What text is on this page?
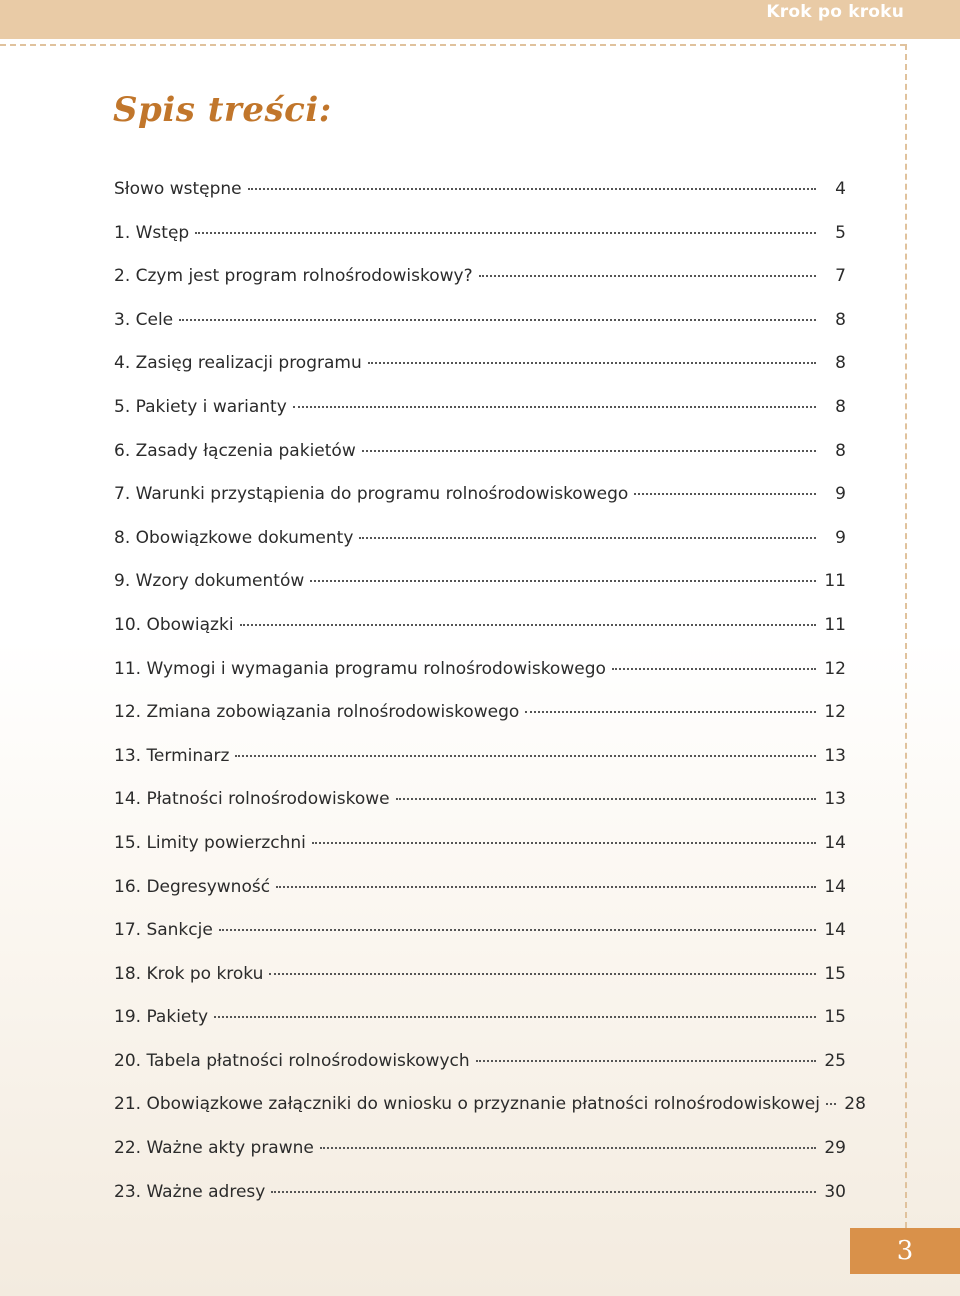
Krok po kroku
Spis treści:
Słowo wstępne	4
1. Wstęp	5
2. Czym jest program rolnośrodowiskowy?	7
3. Cele	8
4. Zasięg realizacji programu	8
5. Pakiety i warianty	8
6. Zasady łączenia pakietów	8
7. Warunki przystąpienia do programu rolnośrodowiskowego	9
8. Obowiązkowe dokumenty	9
9. Wzory dokumentów	11
10. Obowiązki	11
11. Wymogi i wymagania programu rolnośrodowiskowego	12
12. Zmiana zobowiązania rolnośrodowiskowego	12
13. Terminarz	13
14. Płatności rolnośrodowiskowe	13
15. Limity powierzchni	14
16. Degresywność	14
17. Sankcje	14
18. Krok po kroku	15
19. Pakiety	15
20. Tabela płatności rolnośrodowiskowych	25
21. Obowiązkowe załączniki do wniosku o przyznanie płatności rolnośrodowiskowej 28
22. Ważne akty prawne	29
23. Ważne adresy	30
3
